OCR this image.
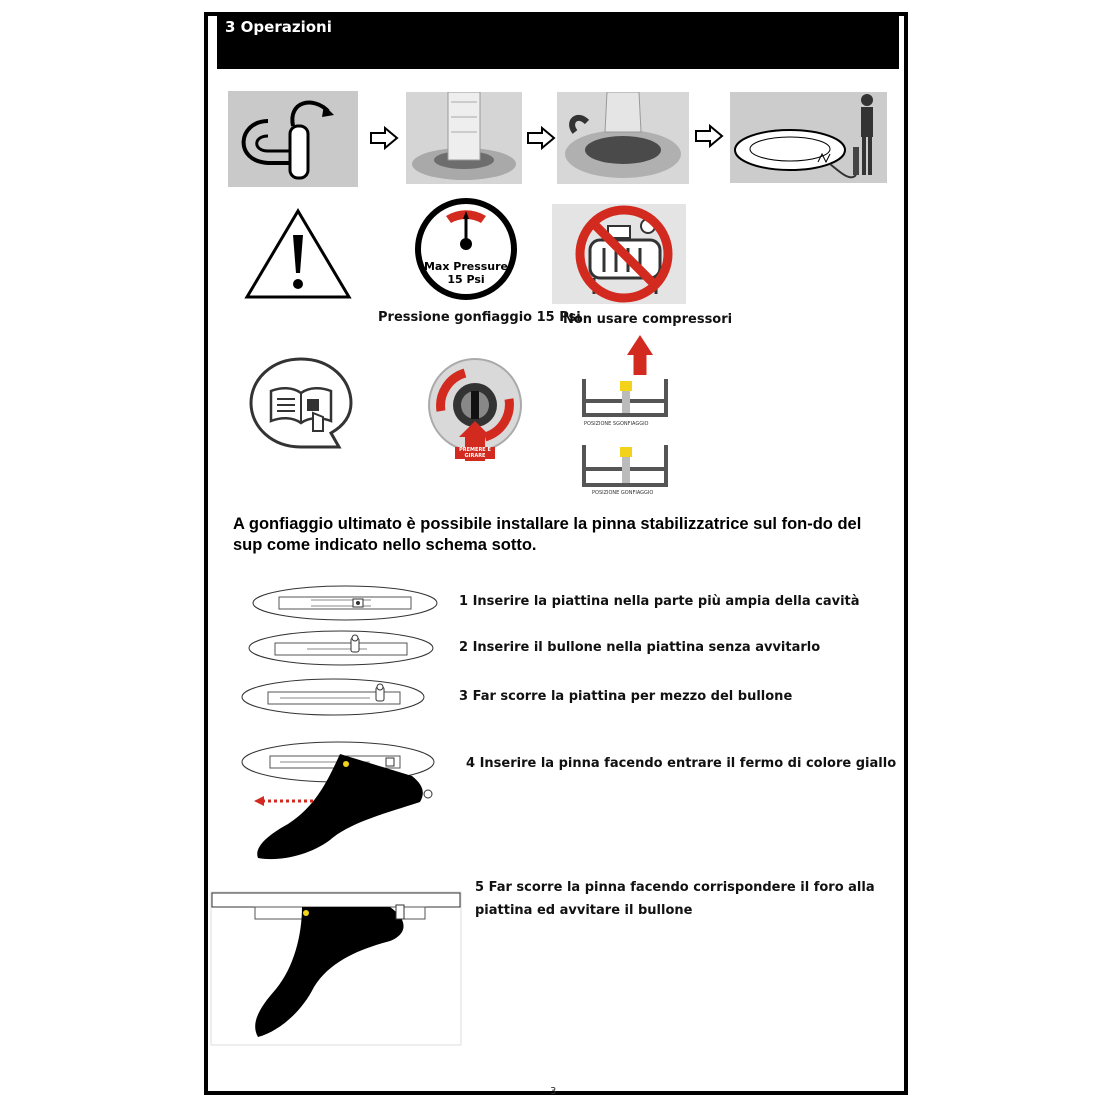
3 Operazioni
Max Pressure
15 Psi
Pressione gonfiaggio 15 Psi
Non usare compressori
PREMERE E GIRARE
POSIZIONE SGONFIAGGIO
POSIZIONE GONFIAGGIO
A gonfiaggio ultimato è possibile installare la pinna stabilizzatrice sul fon-do del sup come indicato nello schema sotto.
1 Inserire la piattina nella parte più ampia della cavità
2 Inserire il bullone nella piattina senza avvitarlo
3 Far scorre la piattina per mezzo del bullone
4 Inserire la pinna facendo entrare il fermo di colore giallo
5 Far scorre la pinna facendo corrispondere il foro alla piattina ed avvitare il bullone
3
